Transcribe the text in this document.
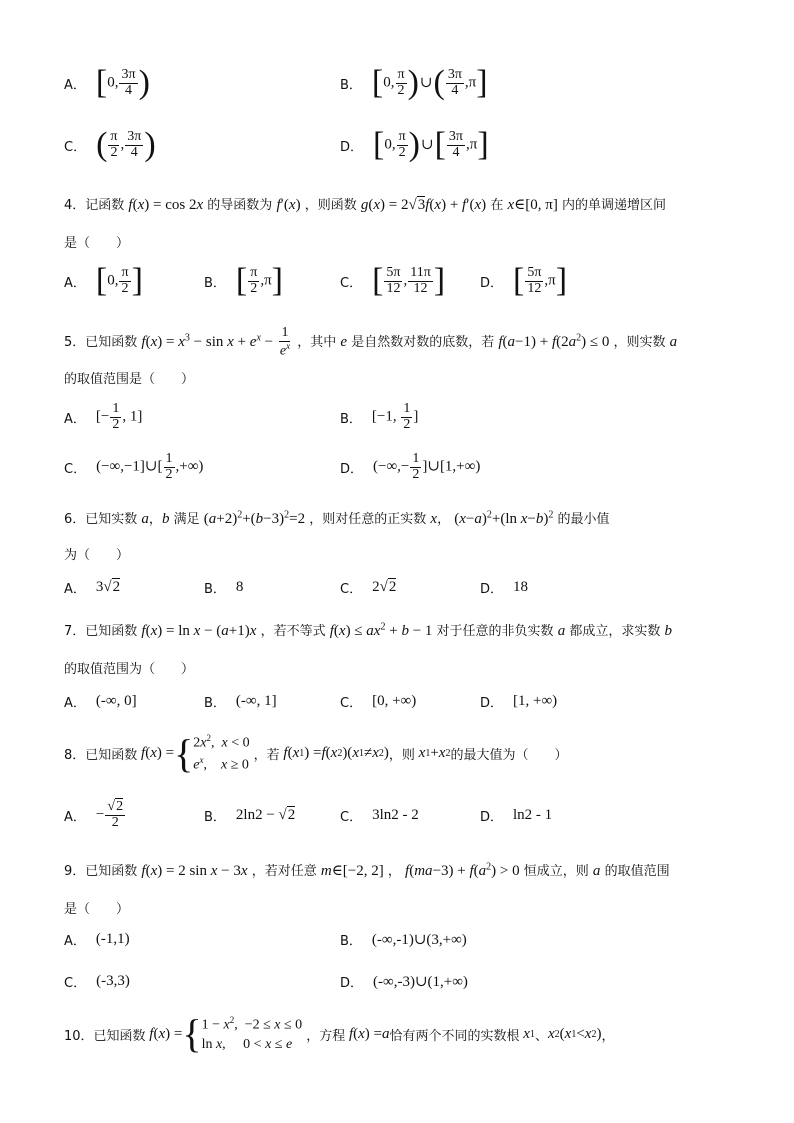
A． [0, $\frac{3\pi}{4}$ )	B． [0, $\frac{\pi}{2}$ )∪( $\frac{3\pi}{4} ,\pi$]
C． ( $\frac{\pi}{2}$ , $\frac{3\pi}{4}$ )	D． [0, $\frac{\pi}{2}$ )∪[ $\frac{3\pi}{4} ,\pi$]
4．记函数 f(x) = cos 2x 的导函数为 f′(x) ，则函数 g(x) = 2√3f(x) + f′(x) 在 x∈[0, π] 内的单调递增区间
是（　　）
A． [0, $\frac{\pi}{2}$ ]	B． [ $\frac{\pi}{2} ,\pi$]	C． [ $\frac{5\pi}{12}$ , $\frac{11\pi}{12}$ ]	D． [ $\frac{5\pi}{12} ,\pi$]
5．已知函数 $f(x) = x^3 - \sin x + e^x - \frac{1}{e^x}$ ，其中 e 是自然数对数的底数，若 $f(a-1) + f(2a^2) \le 0$ ，则实数 a
的取值范围是（　　）
A． [− $\frac{1}{2}$ , 1]	B． [−1, $\frac{1}{2}$ ]
C． (−∞,−1]∪[ $\frac{1}{2}$ ,+∞)	D． (−∞,− $\frac{1}{2}$ ]∪[1,+∞)
6．已知实数 a，b 满足 $(a+2)^2+(b-3)^2=2$ ，则对任意的正实数 x， $(x-a)^2+(\ln$ x−b)$^2$ 的最小值
为（　　）
A． 3√2	B． 8	C． 2√2	D． 18
7．已知函数 f(x) = ln x − (a+1)x ，若不等式 $f(x) \le ax^2 + b - 1$ 对于任意的非负实数 a 都成立，求实数 b
的取值范围为（　　）
A． (-∞, 0]	B． (-∞, 1]	C． [0, +∞)	D． [1, +∞)
8．已知函数 f ( x ) = { $2x^2$,  x < 0
$e^x$,    x ≥ 0
，若 f ( x 1 ) = f ( x 2 )( x 1 ≠ x 2 ) ，则 x 1 + x 2 的最大值为（　　）
A． − $\frac{√2}{2}$	B． 2ln2 − √2	C． 3ln2 - 2	D． ln2 - 1
9．已知函数 f(x) = 2 sin x − 3x ，若对任意 m∈[−2, 2] ， $f(ma-3) + f(a^2) > 0$ 恒成立，则 a 的取值范围
是（　　）
A． (-1,1)	B． (-∞,-1)∪(3,+∞)
C． (-3,3)	D． (-∞,-3)∪(1,+∞)
10．已知函数 f ( x ) = { $1 - x^2$,  −2 ≤ x ≤ 0
ln x,     0 < x ≤ e
，方程 f ( x ) = a 恰有两个不同的实数根 x 1 、 x 2 ( x 1 < x 2 ) ，
